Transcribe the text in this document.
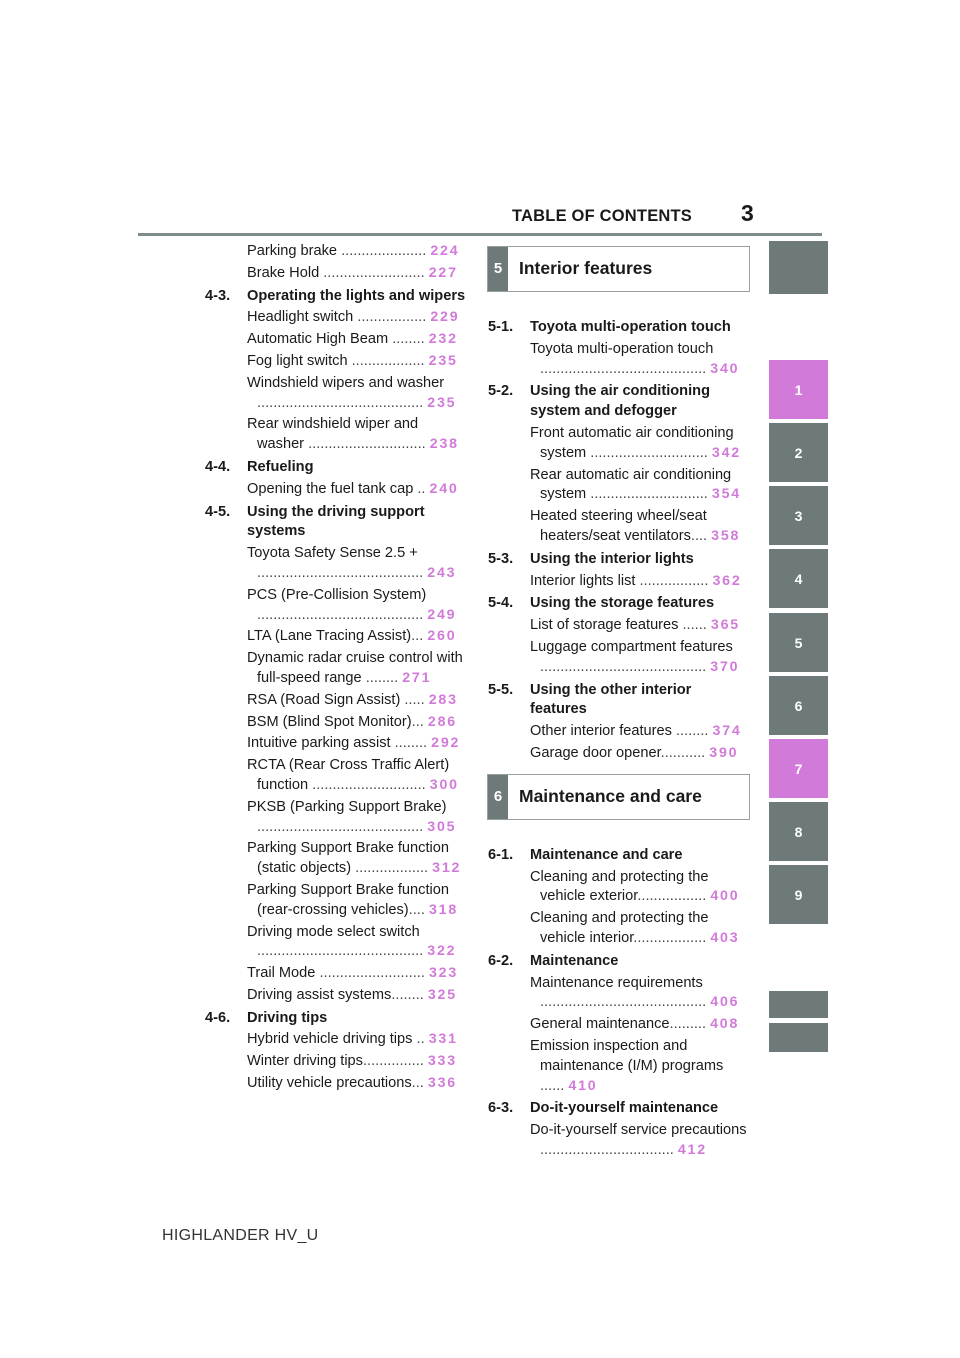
TABLE OF CONTENTS 3
Parking brake ..................... 224
Brake Hold ......................... 227
4-3. Operating the lights and wipers
Headlight switch ................. 229
Automatic High Beam ........ 232
Fog light switch .................. 235
Windshield wipers and washer ......................................... 235
Rear windshield wiper and washer ............................. 238
4-4. Refueling
Opening the fuel tank cap .. 240
4-5. Using the driving support systems
Toyota Safety Sense 2.5 + ......................................... 243
PCS (Pre-Collision System) ......................................... 249
LTA (Lane Tracing Assist)... 260
Dynamic radar cruise control with full-speed range ........ 271
RSA (Road Sign Assist) ..... 283
BSM (Blind Spot Monitor)... 286
Intuitive parking assist ........ 292
RCTA (Rear Cross Traffic Alert) function ............................ 300
PKSB (Parking Support Brake) ......................................... 305
Parking Support Brake function (static objects) .................. 312
Parking Support Brake function (rear-crossing vehicles).... 318
Driving mode select switch ......................................... 322
Trail Mode .......................... 323
Driving assist systems........ 325
4-6. Driving tips
Hybrid vehicle driving tips .. 331
Winter driving tips............... 333
Utility vehicle precautions... 336
5 Interior features
5-1. Toyota multi-operation touch
Toyota multi-operation touch ......................................... 340
5-2. Using the air conditioning system and defogger
Front automatic air conditioning system ............................. 342
Rear automatic air conditioning system ............................. 354
Heated steering wheel/seat heaters/seat ventilators.... 358
5-3. Using the interior lights
Interior lights list ................. 362
5-4. Using the storage features
List of storage features ...... 365
Luggage compartment features ......................................... 370
5-5. Using the other interior features
Other interior features ........ 374
Garage door opener........... 390
6 Maintenance and care
6-1. Maintenance and care
Cleaning and protecting the vehicle exterior................. 400
Cleaning and protecting the vehicle interior.................. 403
6-2. Maintenance
Maintenance requirements ......................................... 406
General maintenance......... 408
Emission inspection and maintenance (I/M) programs ...... 410
6-3. Do-it-yourself maintenance
Do-it-yourself service precautions ................................. 412
1
2
3
4
5
6
7
8
9
HIGHLANDER HV_U
